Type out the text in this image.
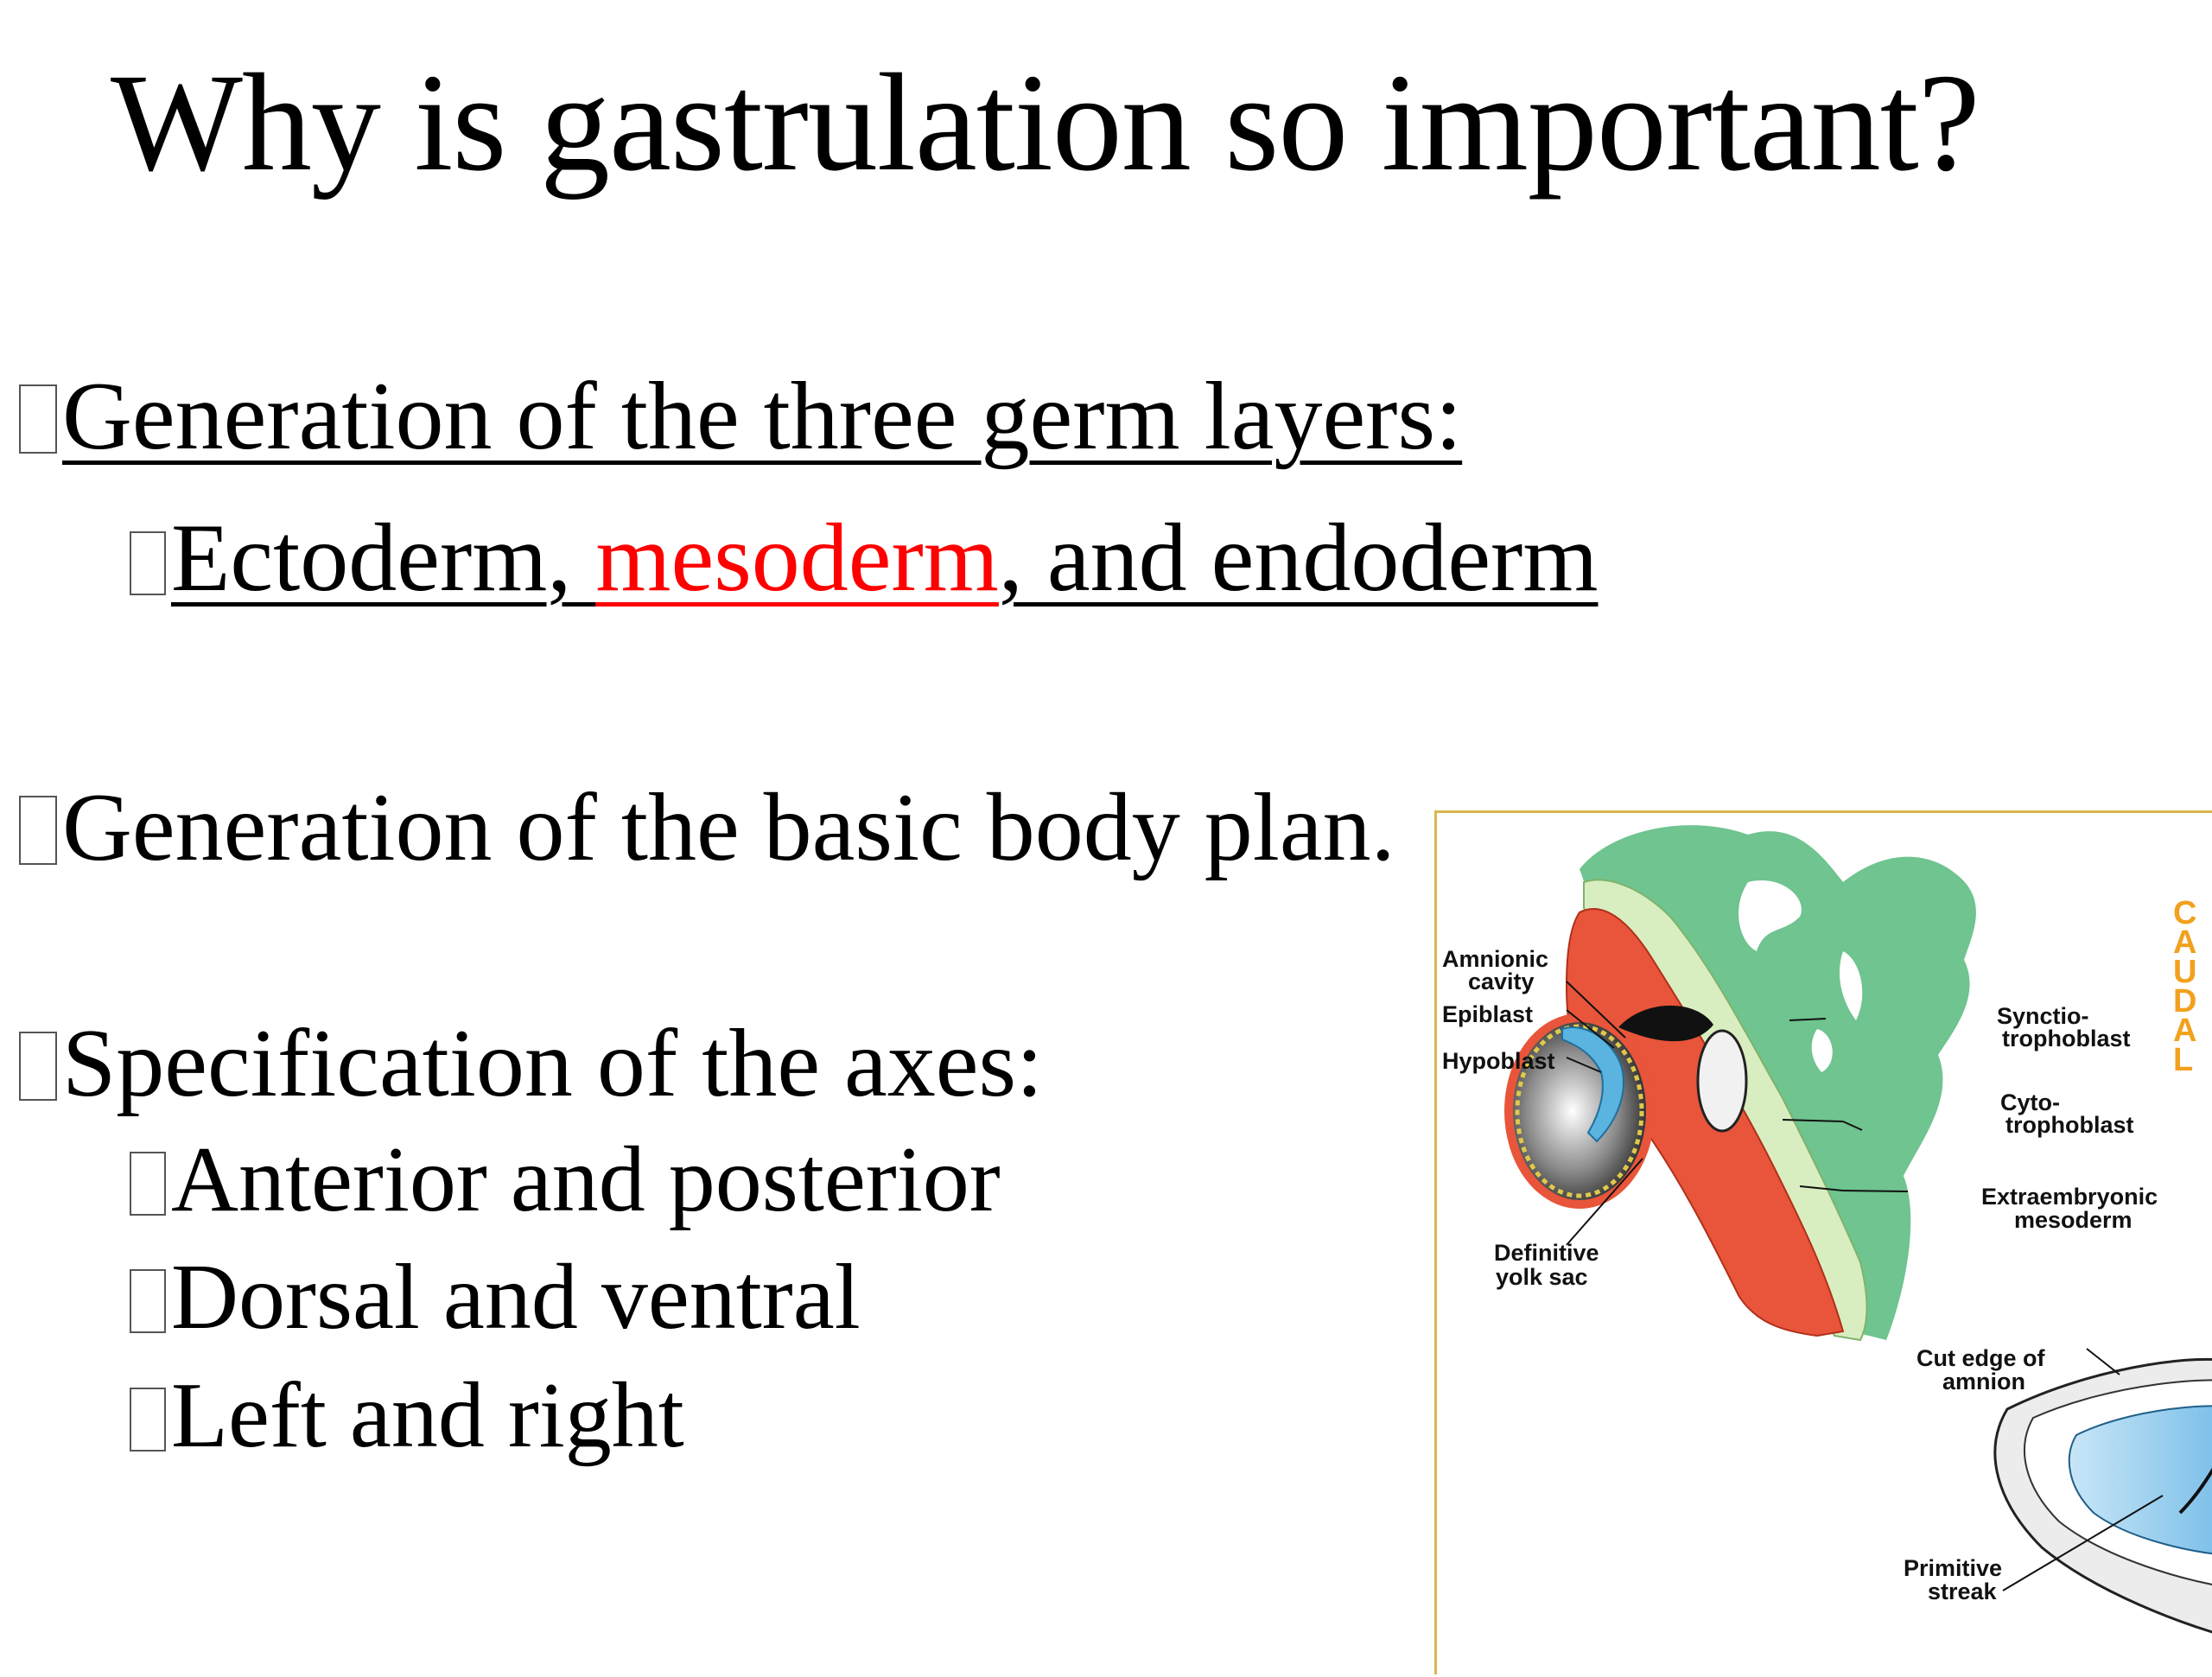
Why is gastrulation so important?
Generation of the three germ layers:
Ectoderm, mesoderm, and endoderm
Generation of the basic body plan.
Specification of the axes:
Anterior and posterior
Dorsal and ventral
Left and right
Amnionic
cavity
Epiblast
Hypoblast
Definitive
yolk sac
Synctio-
trophoblast
Cyto-
trophoblast
Extraembryonic
mesoderm
Cut edge of
amnion
Primitive
streak
C
A
U
D
A
L
